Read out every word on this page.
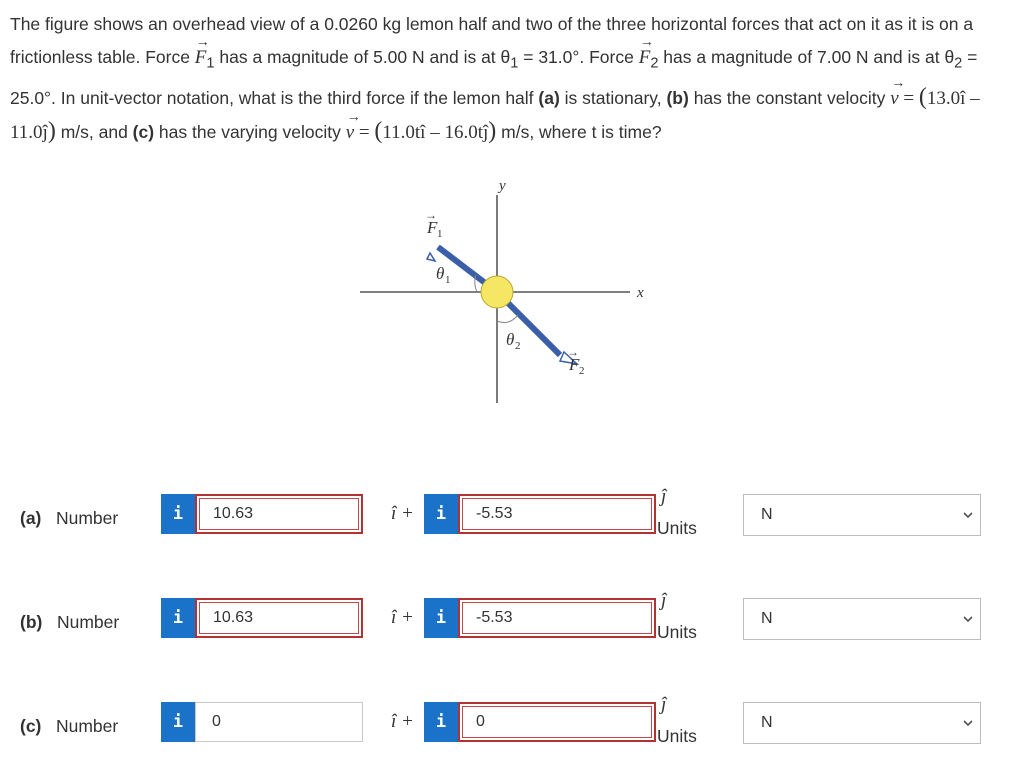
The figure shows an overhead view of a 0.0260 kg lemon half and two of the three horizontal forces that act on it as it is on a frictionless table. Force → $F_1$ has a magnitude of 5.00 N and is at $\theta_1 = 31.0^\circ$. Force → $F_2$ has a magnitude of 7.00 N and is at $\theta_2 = 25.0^\circ$. In unit-vector notation, what is the third force if the lemon half (a) is stationary, (b) has the constant velocity → v = (13.0î – 11.0ĵ) m/s, and (c) has the varying velocity → v = (11.0tî – 16.0tĵ) m/s, where t is time?
x
y
F
→
1
θ 1
θ 2
F
→
2
(a) Number	i	10.63	î +	i	-5.53
ĵ
Units
N
(b) Number	i	10.63	î +	i	-5.53
ĵ
Units
N
(c) Number	i	0	î +	i	0
ĵ
Units
N
